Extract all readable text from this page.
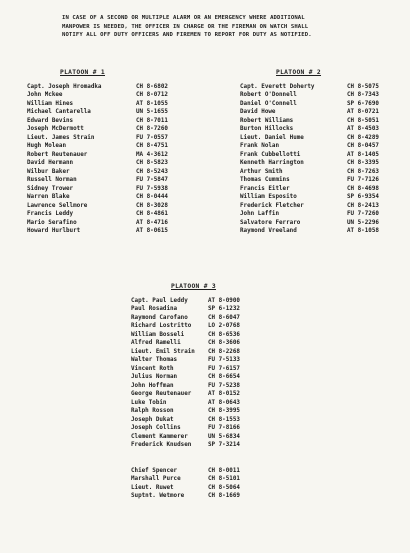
IN CASE OF A SECOND OR MULTIPLE ALARM OR AN EMERGENCY WHERE ADDITIONAL
MANPOWER IS NEEDED, THE OFFICER IN CHARGE OR THE FIREMAN ON WATCH SHALL
NOTIFY ALL OFF DUTY OFFICERS AND FIREMEN TO REPORT FOR DUTY AS NOTIFIED.
PLATOON # 1	PLATOON # 2
Capt. Joseph Hromadka	CH 8-6802
John Mckee	CH 8-0712
William Hines	AT 8-1055
Michael Cantarella	UN 5-1655
Edward Bevins	CH 8-7011
Joseph McDermott	CH 8-7260
Lieut. James Strain	FU 7-0557
Hugh Molean	CH 8-4751
Robert Reutenauer	MA 4-3612
David Hermann	CH 8-5823
Wilbur Baker	CH 8-5243
Russell Norman	FU 7-5847
Sidney Trower	FU 7-5938
Warren Blake	CH 8-0444
Lawrence Sellmore	CH 8-3028
Francis Leddy	CH 8-4861
Mario Serafino	AT 8-4716
Howard Hurlburt	AT 8-0615
Capt. Everett Doherty	CH 8-5075
Robert O'Donnell	CH 8-7343
Daniel O'Connell	SP 6-7690
David Howe	AT 8-0721
Robert Williams	CH 8-5051
Burton Hillocks	AT 8-4503
Lieut. Daniel Hume	CH 8-4289
Frank Nolan	CH 8-0457
Frank Cubbellotti	AT 8-1405
Kenneth Harrington	CH 8-3395
Arthur Smith	CH 8-7263
Thomas Cummins	FU 7-7126
Francis Eitler	CH 8-4698
William Esposito	SP 6-9354
Frederick Fletcher	CH 8-2413
John Laffin	FU 7-7260
Salvatore Ferraro	UN 5-2296
Raymond Vreeland	AT 8-1058
PLATOON # 3
Capt. Paul Leddy	AT 8-0900
Paul Rosadina	SP 6-1232
Raymond Carofano	CH 8-6047
Richard Lostritto	LO 2-0768
William Bosseli	CH 8-6536
Alfred Ramelli	CH 8-3606
Lieut. Emil Strain CH 8-2268
Walter Thomas	FU 7-5133
Vincent Roth	FU 7-6157
Julius Norman	CH 8-6654
John Hoffman	FU 7-5238
George Reutenauer	AT 8-0152
Luke Tobin	AT 8-0643
Ralph Rosson	CH 8-3995
Joseph Dukat	CH 8-1553
Joseph Collins	FU 7-8166
Clement Kammerer	UN 5-6834
Frederick Knudsen	SP 7-3214
Chief Spencer	CH 8-0011
Marshall Purce	CH 8-5101
Lieut. Ruwet	CH 8-5064
Suptnt. Wetmore	CH 8-1669
